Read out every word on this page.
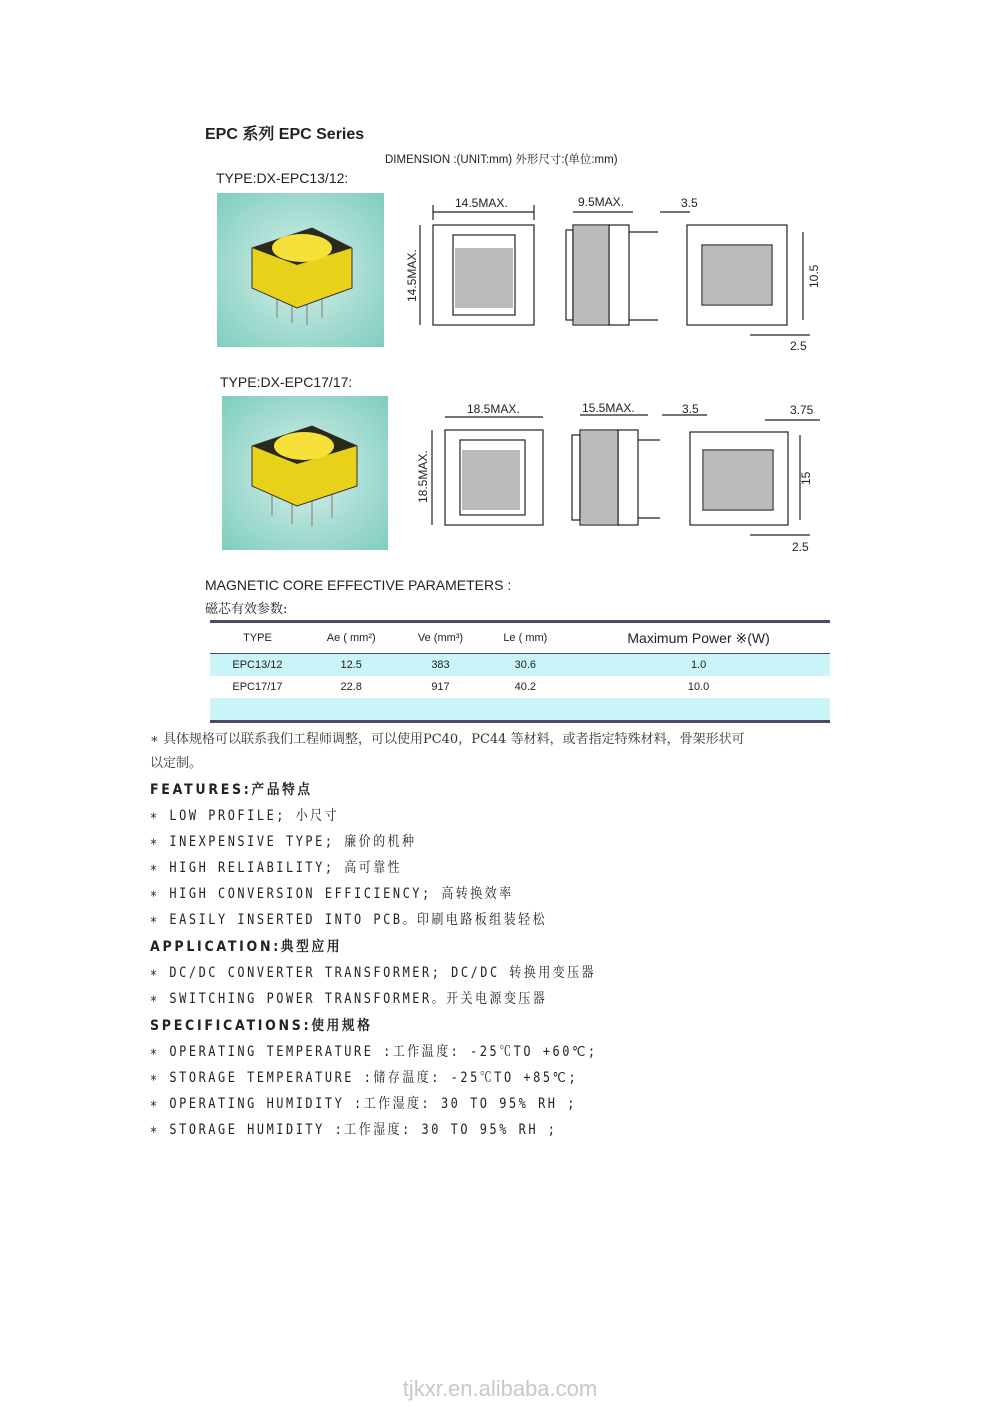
EPC 系列 EPC Series
DIMENSION :(UNIT:mm) 外形尺寸:(单位:mm)
TYPE:DX-EPC13/12:
14.5MAX.
14.5MAX.
9.5MAX.	3.5
10.5
2.5
TYPE:DX-EPC17/17:
18.5MAX.
18.5MAX.
15.5MAX.	3.5	3.75
15
2.5
MAGNETIC CORE EFFECTIVE PARAMETERS :
磁芯有效参数:
TYPE	Ae ( mm²)	Ve (mm³)	Le ( mm)	Maximum Power ※(W)
EPC13/12	12.5	383	30.6	1.0
EPC17/17	22.8	917	40.2	10.0

∗ 具体规格可以联系我们工程师调整，可以使用PC40，PC44 等材料，或者指定特殊材料，骨架形状可
以定制。
FEATURES:产品特点
∗ LOW PROFILE; 小尺寸
∗ INEXPENSIVE TYPE; 廉价的机种
∗ HIGH RELIABILITY; 高可靠性
∗ HIGH CONVERSION EFFICIENCY; 高转换效率
∗ EASILY INSERTED INTO PCB。印刷电路板组装轻松
APPLICATION:典型应用
∗ DC/DC CONVERTER TRANSFORMER; DC/DC 转换用变压器
∗ SWITCHING POWER TRANSFORMER。开关电源变压器
SPECIFICATIONS:使用规格
∗ OPERATING TEMPERATURE :工作温度: -25℃TO +60℃;
∗ STORAGE TEMPERATURE :储存温度: -25℃TO +85℃;
∗ OPERATING HUMIDITY :工作湿度: 30 TO 95% RH ;
∗ STORAGE HUMIDITY :工作湿度: 30 TO 95% RH ;
tjkxr.en.alibaba.com
